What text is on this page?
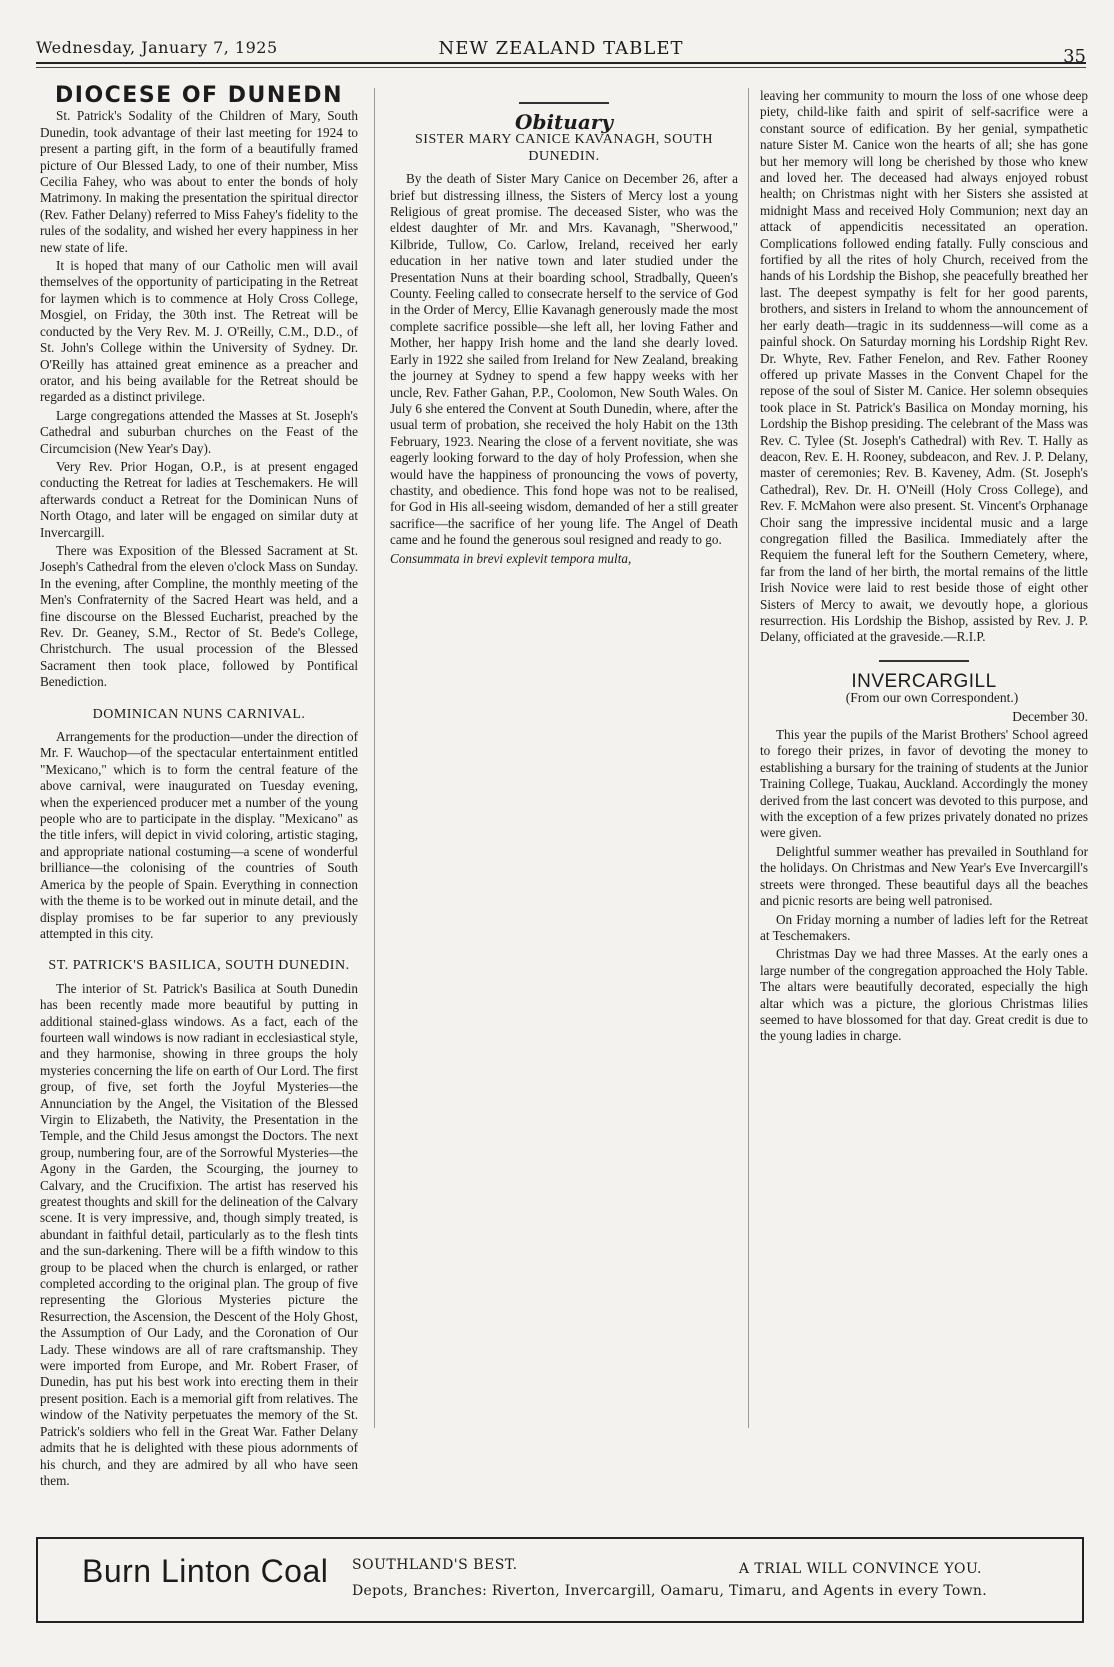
Wednesday, January 7, 1925	NEW ZEALAND TABLET	35
DIOCESE OF DUNEDN

St. Patrick's Sodality of the Children of Mary, South Dunedin, took advantage of their last meeting for 1924 to present a parting gift, in the form of a beautifully framed picture of Our Blessed Lady, to one of their number, Miss Cecilia Fahey, who was about to enter the bonds of holy Matrimony. In making the presentation the spiritual director (Rev. Father Delany) referred to Miss Fahey's fidelity to the rules of the sodality, and wished her every happiness in her new state of life.

It is hoped that many of our Catholic men will avail themselves of the opportunity of participating in the Retreat for laymen which is to commence at Holy Cross College, Mosgiel, on Friday, the 30th inst. The Retreat will be conducted by the Very Rev. M. J. O'Reilly, C.M., D.D., of St. John's College within the University of Sydney. Dr. O'Reilly has attained great eminence as a preacher and orator, and his being available for the Retreat should be regarded as a distinct privilege.

Large congregations attended the Masses at St. Joseph's Cathedral and suburban churches on the Feast of the Circumcision (New Year's Day).

Very Rev. Prior Hogan, O.P., is at present engaged conducting the Retreat for ladies at Teschemakers. He will afterwards conduct a Retreat for the Dominican Nuns of North Otago, and later will be engaged on similar duty at Invercargill.

There was Exposition of the Blessed Sacrament at St. Joseph's Cathedral from the eleven o'clock Mass on Sunday. In the evening, after Compline, the monthly meeting of the Men's Confraternity of the Sacred Heart was held, and a fine discourse on the Blessed Eucharist, preached by the Rev. Dr. Geaney, S.M., Rector of St. Bede's College, Christchurch. The usual procession of the Blessed Sacrament then took place, followed by Pontifical Benediction.

DOMINICAN NUNS CARNIVAL.

Arrangements for the production—under the direction of Mr. F. Wauchop—of the spectacular entertainment entitled "Mexicano," which is to form the central feature of the above carnival, were inaugurated on Tuesday evening, when the experienced producer met a number of the young people who are to participate in the display. "Mexicano" as the title infers, will depict in vivid coloring, artistic staging, and appropriate national costuming—a scene of wonderful brilliance—the colonising of the countries of South America by the people of Spain. Everything in connection with the theme is to be worked out in minute detail, and the display promises to be far superior to any previously attempted in this city.

ST. PATRICK'S BASILICA, SOUTH DUNEDIN.

The interior of St. Patrick's Basilica at South Dunedin has been recently made more beautiful by putting in additional stained-glass windows. As a fact, each of the fourteen wall windows is now radiant in ecclesiastical style, and they harmonise, showing in three groups the holy mysteries concerning the life on earth of Our Lord. The first group, of five, set forth the Joyful Mysteries—the Annunciation by the Angel, the Visitation of the Blessed Virgin to Elizabeth, the Nativity, the Presentation in the Temple, and the Child Jesus amongst the Doctors. The next group, numbering four, are of the Sorrowful Mysteries—the Agony in the Garden, the Scourging, the journey to Calvary, and the Crucifixion. The artist has reserved his greatest thoughts and skill for the delineation of the Calvary scene. It is very impressive, and, though simply treated, is abundant in faithful detail, particularly as to the flesh tints and the sun-darkening. There will be a fifth window to this group to be placed when the church is enlarged, or rather completed according to the original plan. The group of five representing the Glorious Mysteries picture the Resurrection, the Ascension, the Descent of the Holy Ghost, the Assumption of Our Lady, and the Coronation of Our Lady. These windows are all of rare craftsmanship. They were imported from Europe, and Mr. Robert Fraser, of Dunedin, has put his best work into erecting them in their present position. Each is a memorial gift from relatives. The window of the Nativity perpetuates the memory of the St. Patrick's soldiers who fell in the Great War. Father Delany admits that he is delighted with these pious adornments of his church, and they are admired by all who have seen them.

Obituary
SISTER MARY CANICE KAVANAGH, SOUTH DUNEDIN.

By the death of Sister Mary Canice on December 26, after a brief but distressing illness, the Sisters of Mercy lost a young Religious of great promise. The deceased Sister, who was the eldest daughter of Mr. and Mrs. Kavanagh, "Sherwood," Kilbride, Tullow, Co. Carlow, Ireland, received her early education in her native town and later studied under the Presentation Nuns at their boarding school, Stradbally, Queen's County. Feeling called to consecrate herself to the service of God in the Order of Mercy, Ellie Kavanagh generously made the most complete sacrifice possible—she left all, her loving Father and Mother, her happy Irish home and the land she dearly loved. Early in 1922 she sailed from Ireland for New Zealand, breaking the journey at Sydney to spend a few happy weeks with her uncle, Rev. Father Gahan, P.P., Coolomon, New South Wales. On July 6 she entered the Convent at South Dunedin, where, after the usual term of probation, she received the holy Habit on the 13th February, 1923. Nearing the close of a fervent novitiate, she was eagerly looking forward to the day of holy Profession, when she would have the happiness of pronouncing the vows of poverty, chastity, and obedience. This fond hope was not to be realised, for God in His all-seeing wisdom, demanded of her a still greater sacrifice—the sacrifice of her young life. The Angel of Death came and he found the generous soul resigned and ready to go.

Consummata in brevi explevit tempora multa,

leaving her community to mourn the loss of one whose deep piety, child-like faith and spirit of self-sacrifice were a constant source of edification. By her genial, sympathetic nature Sister M. Canice won the hearts of all; she has gone but her memory will long be cherished by those who knew and loved her. The deceased had always enjoyed robust health; on Christmas night with her Sisters she assisted at midnight Mass and received Holy Communion; next day an attack of appendicitis necessitated an operation. Complications followed ending fatally. Fully conscious and fortified by all the rites of holy Church, received from the hands of his Lordship the Bishop, she peacefully breathed her last. The deepest sympathy is felt for her good parents, brothers, and sisters in Ireland to whom the announcement of her early death—tragic in its suddenness—will come as a painful shock. On Saturday morning his Lordship Right Rev. Dr. Whyte, Rev. Father Fenelon, and Rev. Father Rooney offered up private Masses in the Convent Chapel for the repose of the soul of Sister M. Canice. Her solemn obsequies took place in St. Patrick's Basilica on Monday morning, his Lordship the Bishop presiding. The celebrant of the Mass was Rev. C. Tylee (St. Joseph's Cathedral) with Rev. T. Hally as deacon, Rev. E. H. Rooney, subdeacon, and Rev. J. P. Delany, master of ceremonies; Rev. B. Kaveney, Adm. (St. Joseph's Cathedral), Rev. Dr. H. O'Neill (Holy Cross College), and Rev. F. McMahon were also present. St. Vincent's Orphanage Choir sang the impressive incidental music and a large congregation filled the Basilica. Immediately after the Requiem the funeral left for the Southern Cemetery, where, far from the land of her birth, the mortal remains of the little Irish Novice were laid to rest beside those of eight other Sisters of Mercy to await, we devoutly hope, a glorious resurrection. His Lordship the Bishop, assisted by Rev. J. P. Delany, officiated at the graveside.—R.I.P.

INVERCARGILL

(From our own Correspondent.)

December 30.

This year the pupils of the Marist Brothers' School agreed to forego their prizes, in favor of devoting the money to establishing a bursary for the training of students at the Junior Training College, Tuakau, Auckland. Accordingly the money derived from the last concert was devoted to this purpose, and with the exception of a few prizes privately donated no prizes were given.

Delightful summer weather has prevailed in Southland for the holidays. On Christmas and New Year's Eve Invercargill's streets were thronged. These beautiful days all the beaches and picnic resorts are being well patronised.

On Friday morning a number of ladies left for the Retreat at Teschemakers.

Christmas Day we had three Masses. At the early ones a large number of the congregation approached the Holy Table. The altars were beautifully decorated, especially the high altar which was a picture, the glorious Christmas lilies seemed to have blossomed for that day. Great credit is due to the young ladies in charge.

Burn Linton Coal SOUTHLAND'S BEST.
Depots, Branches: Riverton, Invercargill, Oamaru, Timaru, and Agents in every Town.
A TRIAL WILL CONVINCE YOU.
